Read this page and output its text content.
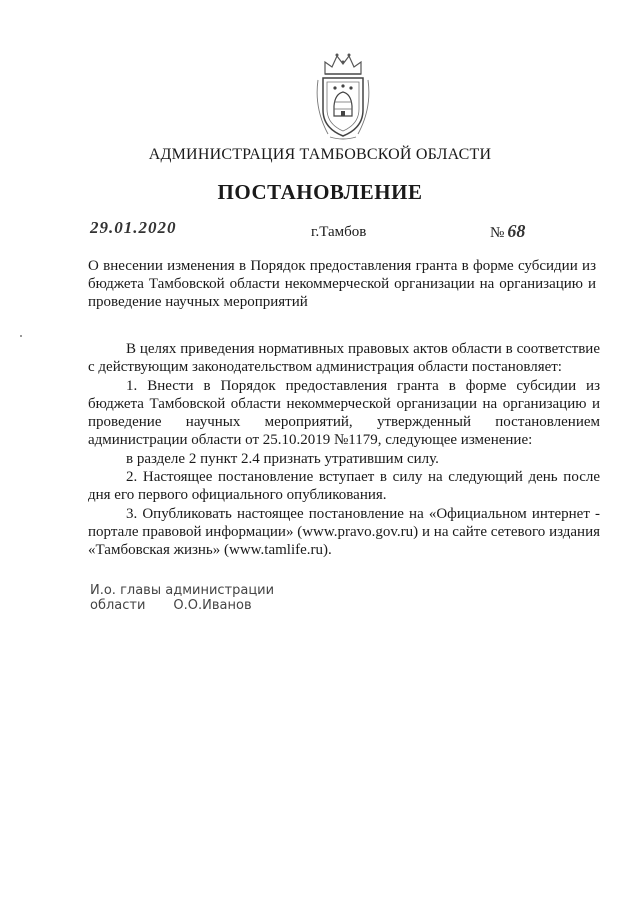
АДМИНИСТРАЦИЯ ТАМБОВСКОЙ ОБЛАСТИ
ПОСТАНОВЛЕНИЕ
29.01.2020	г.Тамбов	№ 68
О внесении изменения в Порядок предоставления гранта в форме субсидии из бюджета Тамбовской области некоммерческой организации на организацию и проведение научных мероприятий

В целях приведения нормативных правовых актов области в соответствие с действующим законодательством администрация области постановляет:

1. Внести в Порядок предоставления гранта в форме субсидии из бюджета Тамбовской области некоммерческой организации на организацию и проведение научных мероприятий, утвержденный постановлением администрации области от 25.10.2019 №1179, следующее изменение:

в разделе 2 пункт 2.4 признать утратившим силу.

2. Настоящее постановление вступает в силу на следующий день после дня его первого официального опубликования.

3. Опубликовать настоящее постановление на «Официальном интернет - портале правовой информации» (www.pravo.gov.ru) и на сайте сетевого издания «Тамбовская жизнь» (www.tamlife.ru).

И.о. главы администрации
области О.О.Иванов
